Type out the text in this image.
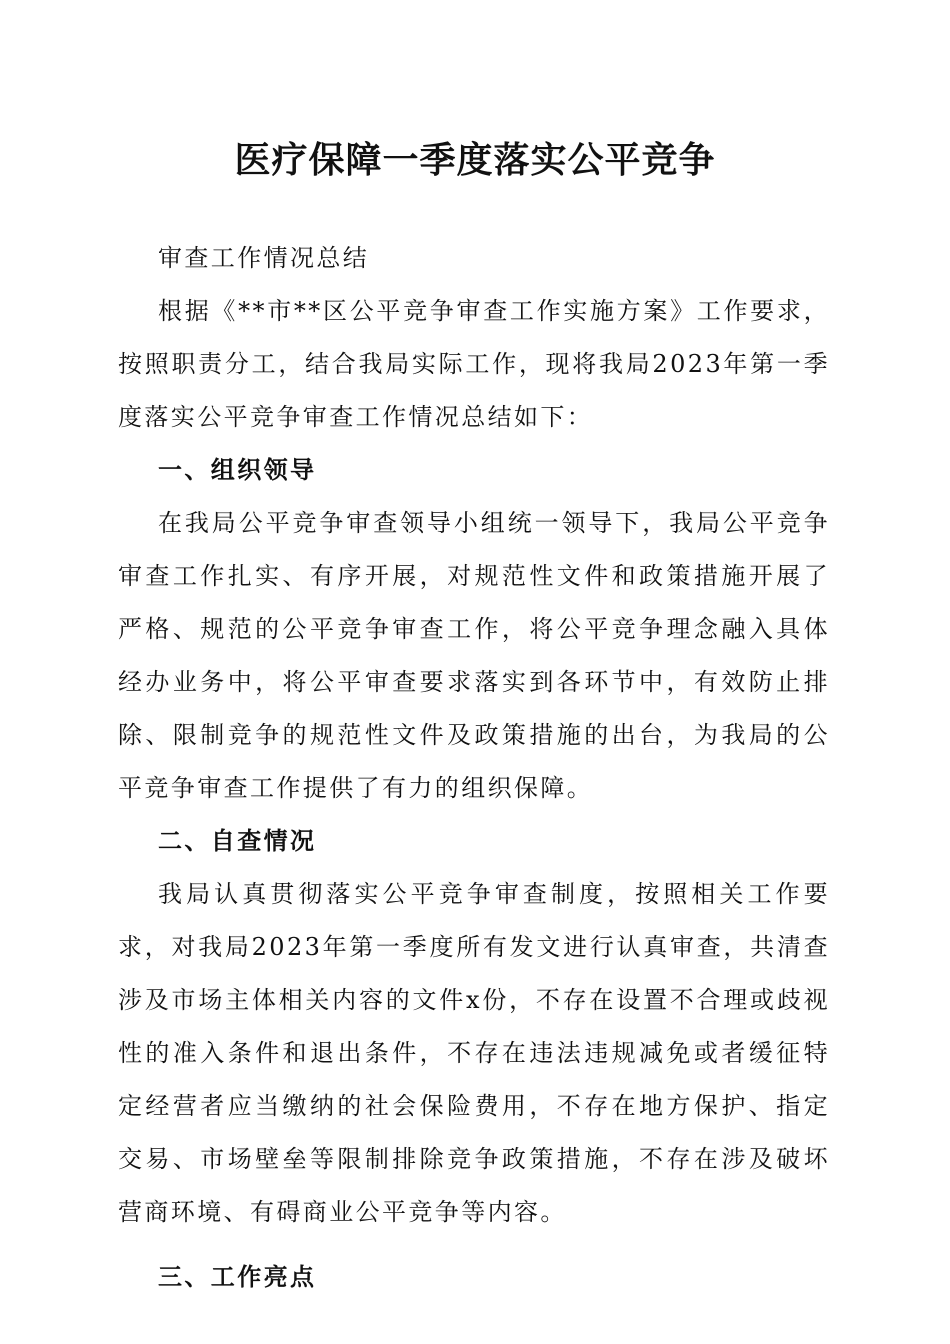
医疗保障一季度落实公平竞争

审查工作情况总结

根据《**市**区公平竞争审查工作实施方案》工作要求，按照职责分工，结合我局实际工作，现将我局2023年第一季度落实公平竞争审查工作情况总结如下：

一、组织领导

在我局公平竞争审查领导小组统一领导下，我局公平竞争审查工作扎实、有序开展，对规范性文件和政策措施开展了严格、规范的公平竞争审查工作，将公平竞争理念融入具体经办业务中，将公平审查要求落实到各环节中，有效防止排除、限制竞争的规范性文件及政策措施的出台，为我局的公平竞争审查工作提供了有力的组织保障。

二、自查情况

我局认真贯彻落实公平竞争审查制度，按照相关工作要求，对我局2023年第一季度所有发文进行认真审查，共清查涉及市场主体相关内容的文件x份，不存在设置不合理或歧视性的准入条件和退出条件，不存在违法违规减免或者缓征特定经营者应当缴纳的社会保险费用，不存在地方保护、指定交易、市场壁垒等限制排除竞争政策措施，不存在涉及破坏营商环境、有碍商业公平竞争等内容。

三、工作亮点
